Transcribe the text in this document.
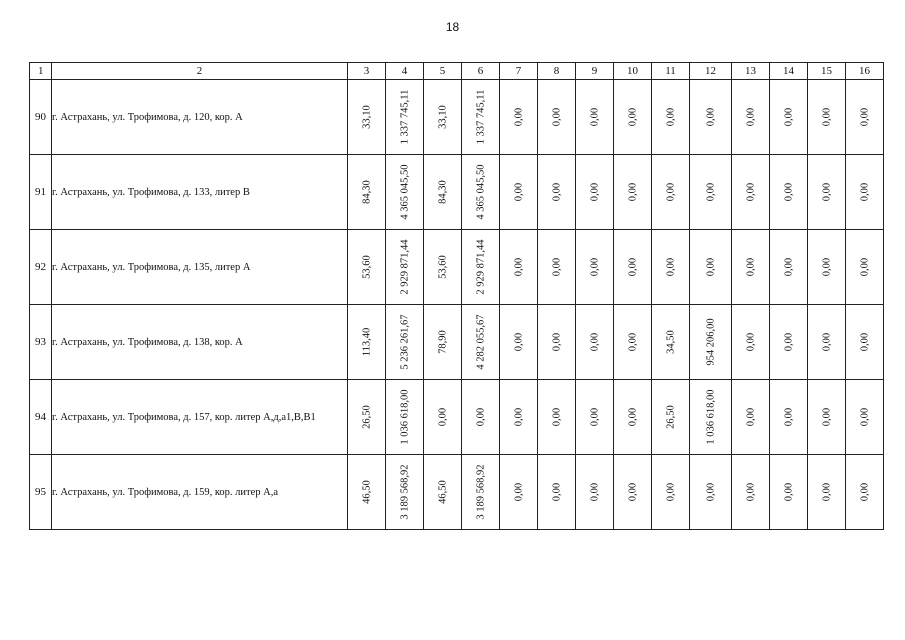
18
1	2	3	4	5	6	7	8	9	10	11	12	13	14	15	16
90	г. Астрахань, ул. Трофимова, д. 120, кор. А	33,10	1 337 745,11	33,10	1 337 745,11	0,00	0,00	0,00	0,00	0,00	0,00	0,00	0,00	0,00	0,00

91	г. Астрахань, ул. Трофимова, д. 133, литер В	84,30	4 365 045,50	84,30	4 365 045,50	0,00	0,00	0,00	0,00	0,00	0,00	0,00	0,00	0,00	0,00

92	г. Астрахань, ул. Трофимова, д. 135, литер А	53,60	2 929 871,44	53,60	2 929 871,44	0,00	0,00	0,00	0,00	0,00	0,00	0,00	0,00	0,00	0,00

93	г. Астрахань, ул. Трофимова, д. 138, кор. А	113,40	5 236 261,67	78,90	4 282 055,67	0,00	0,00	0,00	0,00	34,50	954 206,00	0,00	0,00	0,00	0,00

94	г. Астрахань, ул. Трофимова, д. 157, кор. литер А,д,а1,В,В1	26,50	1 036 618,00	0,00	0,00	0,00	0,00	0,00	0,00	26,50	1 036 618,00	0,00	0,00	0,00	0,00

95	г. Астрахань, ул. Трофимова, д. 159, кор. литер А,а	46,50	3 189 568,92	46,50	3 189 568,92	0,00	0,00	0,00	0,00	0,00	0,00	0,00	0,00	0,00	0,00
